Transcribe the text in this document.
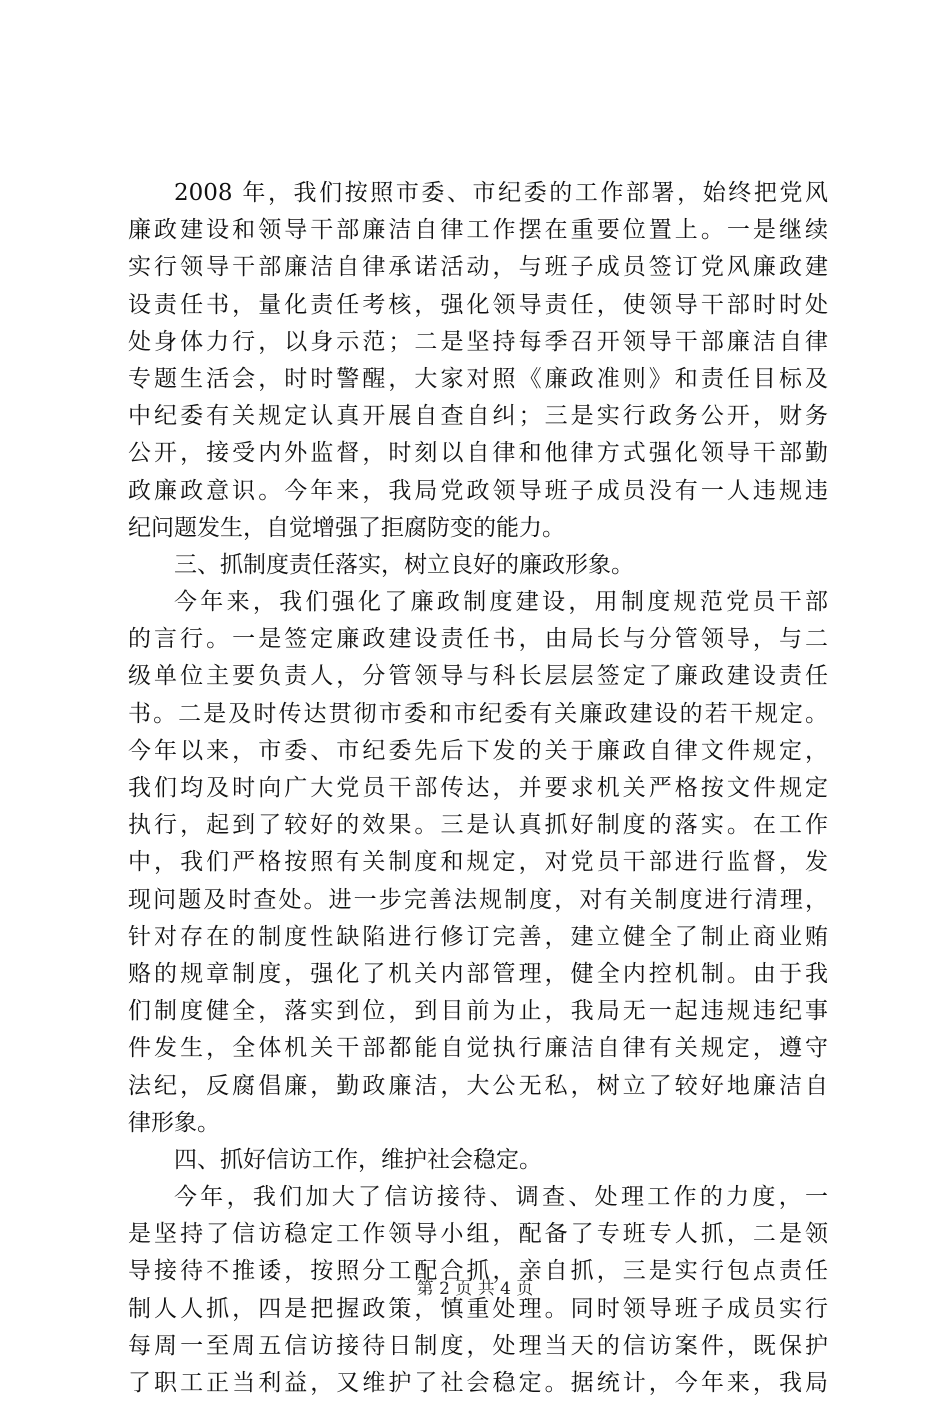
2008 年，我们按照市委、市纪委的工作部署，始终把党风
廉政建设和领导干部廉洁自律工作摆在重要位置上。一是继续
实行领导干部廉洁自律承诺活动，与班子成员签订党风廉政建
设责任书，量化责任考核，强化领导责任，使领导干部时时处
处身体力行，以身示范；二是坚持每季召开领导干部廉洁自律
专题生活会，时时警醒，大家对照《廉政准则》和责任目标及
中纪委有关规定认真开展自查自纠；三是实行政务公开，财务
公开，接受内外监督，时刻以自律和他律方式强化领导干部勤
政廉政意识。今年来，我局党政领导班子成员没有一人违规违
纪问题发生，自觉增强了拒腐防变的能力。
三、抓制度责任落实，树立良好的廉政形象。
今年来，我们强化了廉政制度建设，用制度规范党员干部
的言行。一是签定廉政建设责任书，由局长与分管领导，与二
级单位主要负责人，分管领导与科长层层签定了廉政建设责任
书。二是及时传达贯彻市委和市纪委有关廉政建设的若干规定。
今年以来，市委、市纪委先后下发的关于廉政自律文件规定，
我们均及时向广大党员干部传达，并要求机关严格按文件规定
执行，起到了较好的效果。三是认真抓好制度的落实。在工作
中，我们严格按照有关制度和规定，对党员干部进行监督，发
现问题及时查处。进一步完善法规制度，对有关制度进行清理，
针对存在的制度性缺陷进行修订完善，建立健全了制止商业贿
赂的规章制度，强化了机关内部管理，健全内控机制。由于我
们制度健全，落实到位，到目前为止，我局无一起违规违纪事
件发生，全体机关干部都能自觉执行廉洁自律有关规定，遵守
法纪，反腐倡廉，勤政廉洁，大公无私，树立了较好地廉洁自
律形象。
四、抓好信访工作，维护社会稳定。
今年，我们加大了信访接待、调查、处理工作的力度，一
是坚持了信访稳定工作领导小组，配备了专班专人抓，二是领
导接待不推诿，按照分工配合抓，亲自抓，三是实行包点责任
制人人抓，四是把握政策，慎重处理。同时领导班子成员实行
每周一至周五信访接待日制度，处理当天的信访案件，既保护
了职工正当利益，又维护了社会稳定。据统计，今年来，我局
第 2 页 共 4 页
